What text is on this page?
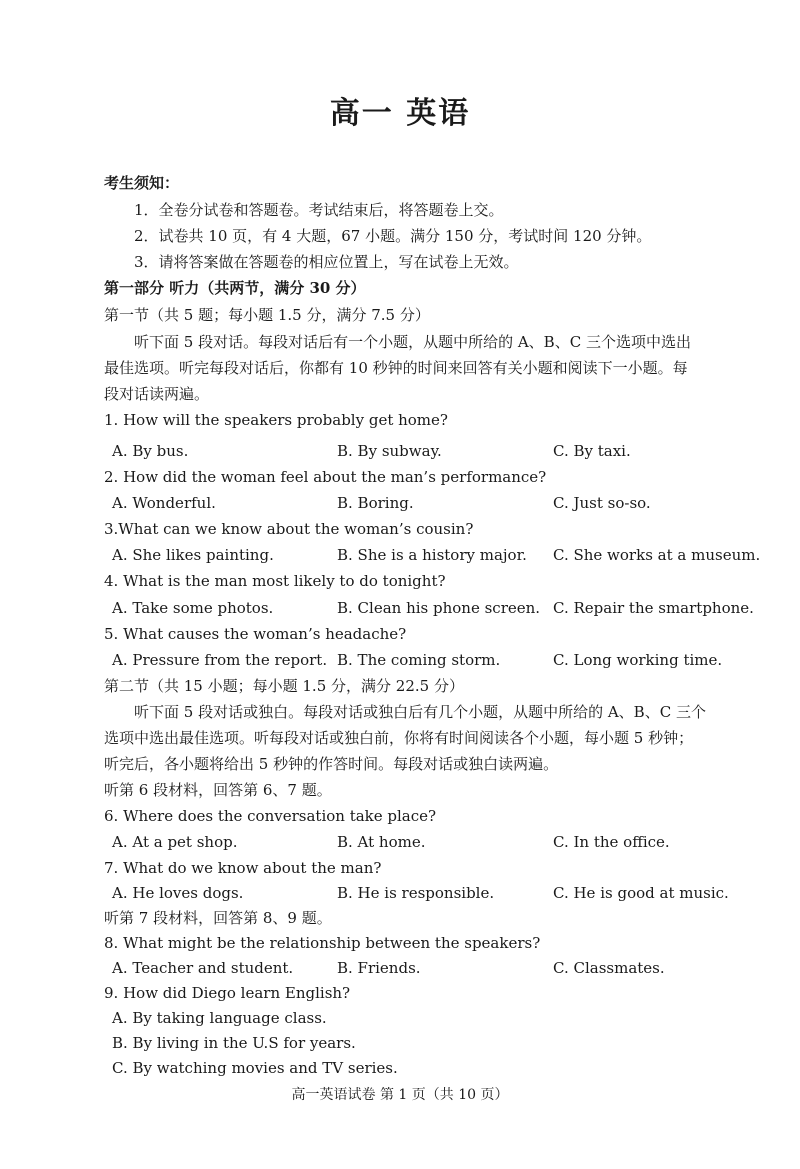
高一 英语
考生须知：
1．全卷分试卷和答题卷。考试结束后，将答题卷上交。
2．试卷共 10 页，有 4 大题，67 小题。满分 150 分，考试时间 120 分钟。
3．请将答案做在答题卷的相应位置上，写在试卷上无效。
第一部分 听力（共两节，满分 30 分）
第一节（共 5 题；每小题 1.5 分，满分 7.5 分）
听下面 5 段对话。每段对话后有一个小题，从题中所给的 A、B、C 三个选项中选出
最佳选项。听完每段对话后，你都有 10 秒钟的时间来回答有关小题和阅读下一小题。每
段对话读两遍。
1. How will the speakers probably get home?
A. By bus.	B. By subway.	C. By taxi.
2. How did the woman feel about the man’s performance?
A. Wonderful.	B. Boring.	C. Just so-so.
3.What can we know about the woman’s cousin?
A. She likes painting.	B. She is a history major. C. She works at a museum.
4. What is the man most likely to do tonight?
A. Take some photos.	B. Clean his phone screen. C. Repair the smartphone.
5. What causes the woman’s headache?
A. Pressure from the report. B. The coming storm.	C. Long working time.
第二节（共 15 小题；每小题 1.5 分，满分 22.5 分）
听下面 5 段对话或独白。每段对话或独白后有几个小题，从题中所给的 A、B、C 三个
选项中选出最佳选项。听每段对话或独白前，你将有时间阅读各个小题，每小题 5 秒钟；
听完后，各小题将给出 5 秒钟的作答时间。每段对话或独白读两遍。
听第 6 段材料，回答第 6、7 题。
6. Where does the conversation take place?
A. At a pet shop.	B. At home.	C. In the office.
7. What do we know about the man?
A. He loves dogs.	B. He is responsible.	C. He is good at music.
听第 7 段材料，回答第 8、9 题。
8. What might be the relationship between the speakers?
A. Teacher and student.	B. Friends.	C. Classmates.
9. How did Diego learn English?
A. By taking language class.
B. By living in the U.S for years.
C. By watching movies and TV series.
高一英语试卷 第 1 页（共 10 页）
